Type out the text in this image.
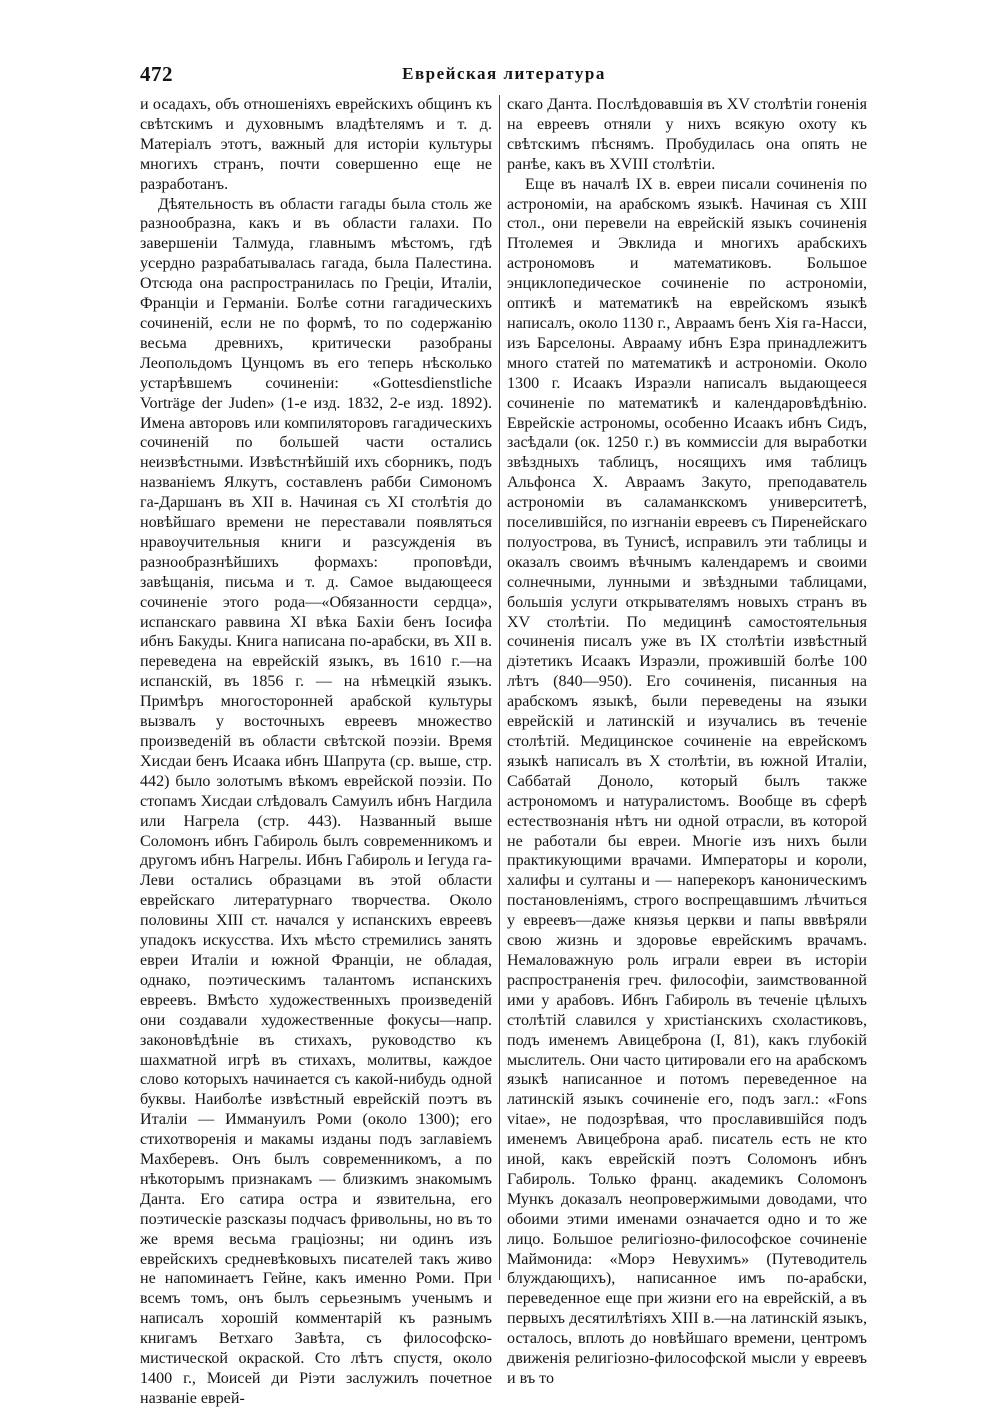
472	Еврейская литература

и осадахъ, объ отношеніяхъ еврейскихъ общинъ къ свѣтскимъ и духовнымъ владѣтелямъ и т. д. Матеріалъ этотъ, важный для исторіи культуры многихъ странъ, почти совершенно еще не разработанъ.

Дѣятельность въ области гагады была столь же разнообразна, какъ и въ области галахи. По завершеніи Талмуда, главнымъ мѣстомъ, гдѣ усердно разрабатывалась гагада, была Палестина. Отсюда она распространилась по Греціи, Италіи, Франціи и Германіи. Болѣе сотни гагадическихъ сочиненій, если не по формѣ, то по содержанію весьма древнихъ, критически разобраны Леопольдомъ Цунцомъ въ его теперь нѣсколько устарѣвшемъ сочиненіи: «Gottesdienstliche Vorträge der Juden» (1-е изд. 1832, 2-е изд. 1892). Имена авторовъ или компиляторовъ гагадическихъ сочиненій по большей части остались неизвѣстными. Извѣстнѣйшій ихъ сборникъ, подъ названіемъ Ялкутъ, составленъ рабби Симономъ га-Даршанъ въ XII в. Начиная съ XI столѣтія до новѣйшаго времени не переставали появляться нравоучительныя книги и разсужденія въ разнообразнѣйшихъ формахъ: проповѣди, завѣщанія, письма и т. д. Самое выдающееся сочиненіе этого рода—«Обязанности сердца», испанскаго раввина XI вѣка Бахіи бенъ Іосифа ибнъ Бакуды. Книга написана по-арабски, въ XII в. переведена на еврейскій языкъ, въ 1610 г.—на испанскій, въ 1856 г. — на нѣмецкій языкъ. Примѣръ многосторонней арабской культуры вызвалъ у восточныхъ евреевъ множество произведеній въ области свѣтской поэзіи. Время Хисдаи бенъ Исаака ибнъ Шапрута (ср. выше, стр. 442) было золотымъ вѣкомъ еврейской поэзіи. По стопамъ Хисдаи слѣдовалъ Самуилъ ибнъ Нагдила или Нагрела (стр. 443). Названный выше Соломонъ ибнъ Габироль былъ современникомъ и другомъ ибнъ Нагрелы. Ибнъ Габироль и Іегуда га-Леви остались образцами въ этой области еврейскаго литературнаго творчества. Около половины XIII ст. начался у испанскихъ евреевъ упадокъ искусства. Ихъ мѣсто стремились занять евреи Италіи и южной Франціи, не обладая, однако, поэтическимъ талантомъ испанскихъ евреевъ. Вмѣсто художественныхъ произведеній они создавали художественные фокусы—напр. законовѣдѣніе въ стихахъ, руководство къ шахматной игрѣ въ стихахъ, молитвы, каждое слово которыхъ начинается съ какой-нибудь одной буквы. Наиболѣе извѣстный еврейскій поэтъ въ Италіи — Иммануилъ Роми (около 1300); его стихотворенія и макамы изданы подъ заглавіемъ Махберевъ. Онъ былъ современникомъ, а по нѣкоторымъ признакамъ — близкимъ знакомымъ Данта. Его сатира остра и язвительна, его поэтическіе разсказы подчасъ фривольны, но въ то же время весьма граціозны; ни одинъ изъ еврейскихъ средневѣковыхъ писателей такъ живо не напоминаетъ Гейне, какъ именно Роми. При всемъ томъ, онъ былъ серьезнымъ ученымъ и написалъ хорошій комментарій къ разнымъ книгамъ Ветхаго Завѣта, съ философско-мистической окраской. Сто лѣтъ спустя, около 1400 г., Моисей ди Ріэти заслужилъ почетное названіе еврей-

скаго Данта. Послѣдовавшія въ XV столѣтіи гоненія на евреевъ отняли у нихъ всякую охоту къ свѣтскимъ пѣснямъ. Пробудилась она опять не ранѣе, какъ въ XVIII столѣтіи.

Еще въ началѣ IX в. евреи писали сочиненія по астрономіи, на арабскомъ языкѣ. Начиная съ XIII стол., они перевели на еврейскій языкъ сочиненія Птолемея и Эвклида и многихъ арабскихъ астрономовъ и математиковъ. Большое энциклопедическое сочиненіе по астрономіи, оптикѣ и математикѣ на еврейскомъ языкѣ написалъ, около 1130 г., Авраамъ бенъ Хія га-Насси, изъ Барселоны. Аврааму ибнъ Езра принадлежитъ много статей по математикѣ и астрономіи. Около 1300 г. Исаакъ Израэли написалъ выдающееся сочиненіе по математикѣ и календаровѣдѣнію. Еврейскіе астрономы, особенно Исаакъ ибнъ Сидъ, засѣдали (ок. 1250 г.) въ коммиссіи для выработки звѣздныхъ таблицъ, носящихъ имя таблицъ Альфонса X. Авраамъ Закуто, преподаватель астрономіи въ саламанкскомъ университетѣ, поселившійся, по изгнаніи евреевъ съ Пиренейскаго полуострова, въ Тунисѣ, исправилъ эти таблицы и оказалъ своимъ вѣчнымъ календаремъ и своими солнечными, лунными и звѣздными таблицами, большія услуги открывателямъ новыхъ странъ въ XV столѣтіи. По медицинѣ самостоятельныя сочиненія писалъ уже въ IX столѣтіи извѣстный діэтетикъ Исаакъ Израэли, прожившій болѣе 100 лѣтъ (840—950). Его сочиненія, писанныя на арабскомъ языкѣ, были переведены на языки еврейскій и латинскій и изучались въ теченіе столѣтій. Медицинское сочиненіе на еврейскомъ языкѣ написалъ въ X столѣтіи, въ южной Италіи, Саббатай Доноло, который былъ также астрономомъ и натуралистомъ. Вообще въ сферѣ естествознанія нѣтъ ни одной отрасли, въ которой не работали бы евреи. Многіе изъ нихъ были практикующими врачами. Императоры и короли, халифы и султаны и — наперекоръ каноническимъ постановленіямъ, строго воспрещавшимъ лѣчиться у евреевъ—даже князья церкви и папы вввѣряли свою жизнь и здоровье еврейскимъ врачамъ. Немаловажную роль играли евреи въ исторіи распространенія греч. философіи, заимствованной ими у арабовъ. Ибнъ Габироль въ теченіе цѣлыхъ столѣтій славился у христіанскихъ схоластиковъ, подъ именемъ Авицеброна (I, 81), какъ глубокій мыслитель. Они часто цитировали его на арабскомъ языкѣ написанное и потомъ переведенное на латинскій языкъ сочиненіе его, подъ загл.: «Fons vitae», не подозрѣвая, что прославившійся подъ именемъ Авицеброна араб. писатель есть не кто иной, какъ еврейскій поэтъ Соломонъ ибнъ Габироль. Только франц. академикъ Соломонъ Мункъ доказалъ неопровержимыми доводами, что обоими этими именами означается одно и то же лицо. Большое религіозно-философское сочиненіе Маймонида: «Морэ Невухимъ» (Путеводитель блуждающихъ), написанное имъ по-арабски, переведенное еще при жизни его на еврейскій, а въ первыхъ десятилѣтіяхъ XIII в.—на латинскій языкъ, осталось, вплоть до новѣйшаго времени, центромъ движенія религіозно-философской мысли у евреевъ и въ то
